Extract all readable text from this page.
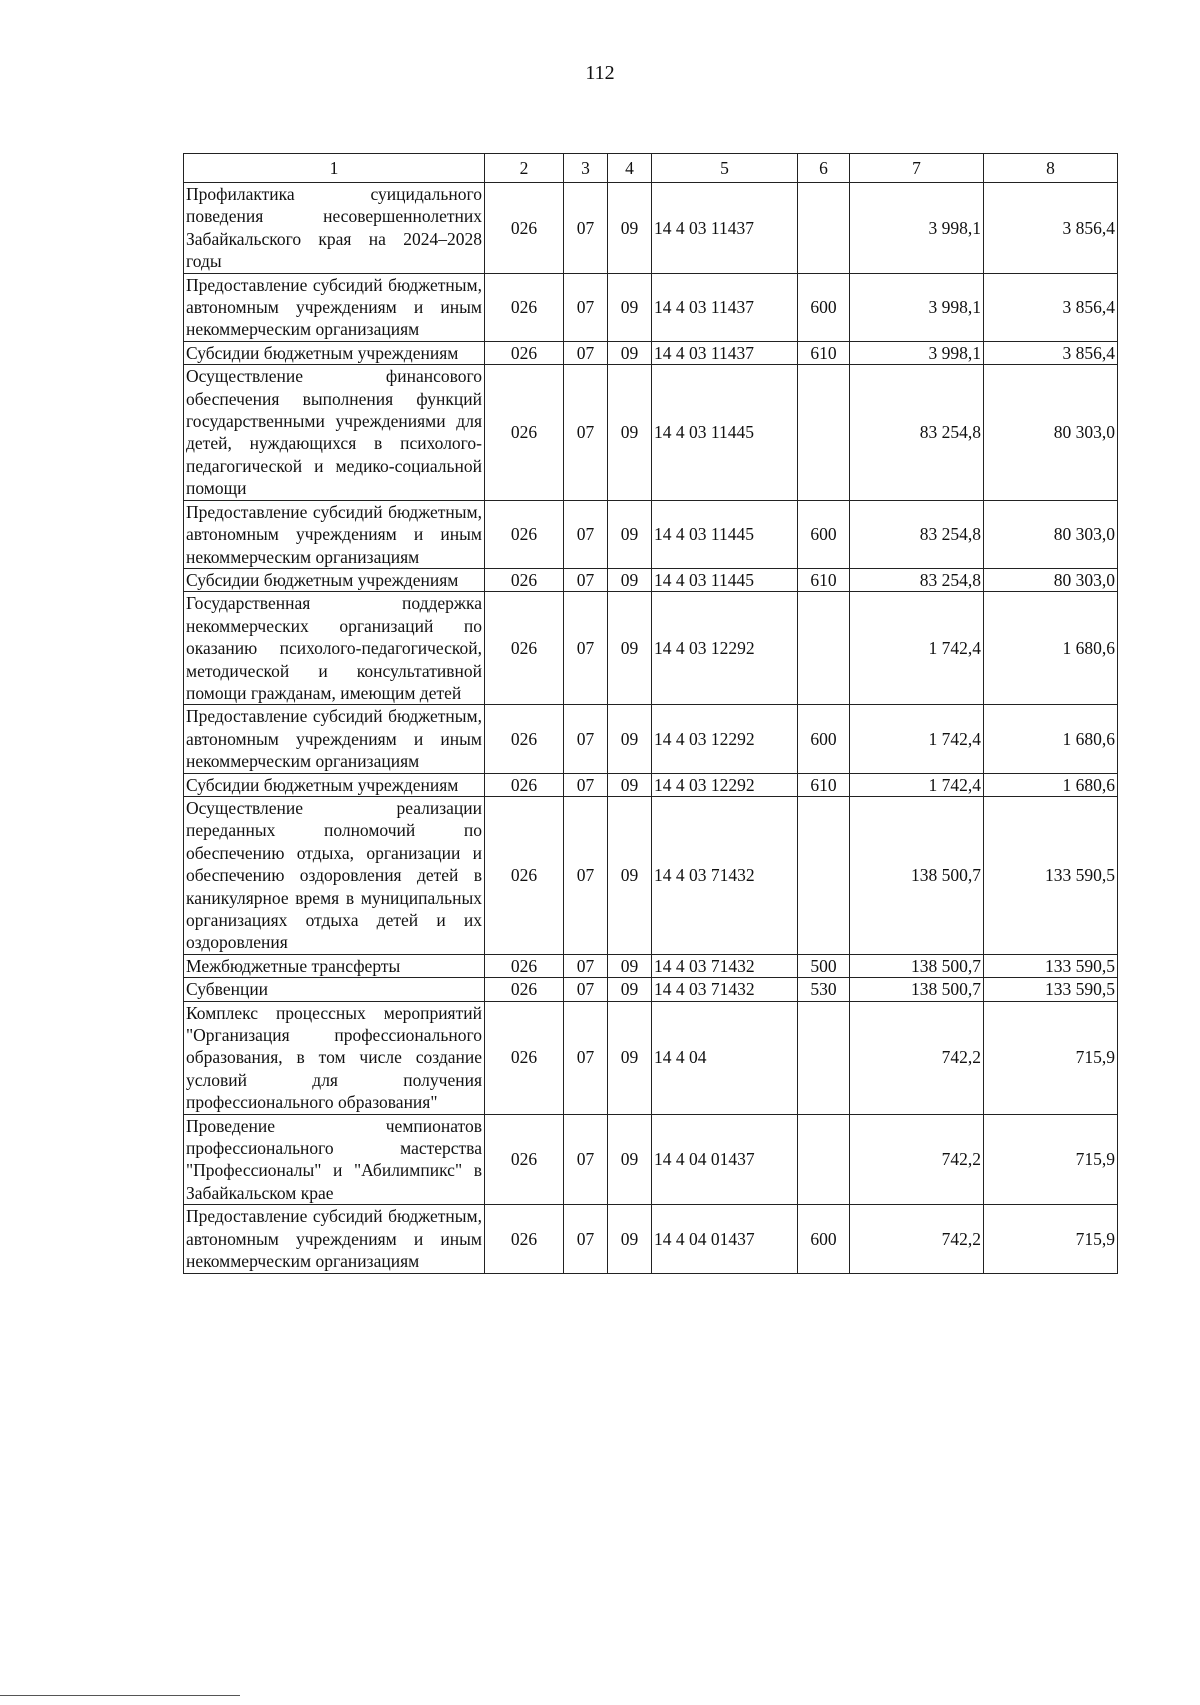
112
1	2	3	4	5	6	7	8
Профилактика суицидального поведения несовершеннолетних Забайкальского края на 2024–2028 годы	026	07	09	14 4 03 11437		3 998,1	3 856,4
Предоставление субсидий бюджетным, автономным учреждениям и иным некоммерческим организациям	026	07	09	14 4 03 11437	600	3 998,1	3 856,4
Субсидии бюджетным учреждениям	026	07	09	14 4 03 11437	610	3 998,1	3 856,4
Осуществление финансового обеспечения выполнения функций государственными учреждениями для детей, нуждающихся в психолого-педагогической и медико-социальной помощи	026	07	09	14 4 03 11445		83 254,8	80 303,0
Предоставление субсидий бюджетным, автономным учреждениям и иным некоммерческим организациям	026	07	09	14 4 03 11445	600	83 254,8	80 303,0
Субсидии бюджетным учреждениям	026	07	09	14 4 03 11445	610	83 254,8	80 303,0
Государственная поддержка некоммерческих организаций по оказанию психолого-педагогической, методической и консультативной помощи гражданам, имеющим детей	026	07	09	14 4 03 12292		1 742,4	1 680,6
Предоставление субсидий бюджетным, автономным учреждениям и иным некоммерческим организациям	026	07	09	14 4 03 12292	600	1 742,4	1 680,6
Субсидии бюджетным учреждениям	026	07	09	14 4 03 12292	610	1 742,4	1 680,6
Осуществление реализации переданных полномочий по обеспечению отдыха, организации и обеспечению оздоровления детей в каникулярное время в муниципальных организациях отдыха детей и их оздоровления	026	07	09	14 4 03 71432		138 500,7	133 590,5
Межбюджетные трансферты	026	07	09	14 4 03 71432	500	138 500,7	133 590,5
Субвенции	026	07	09	14 4 03 71432	530	138 500,7	133 590,5
Комплекс процессных мероприятий "Организация профессионального образования, в том числе создание условий для получения профессионального образования"	026	07	09	14 4 04		742,2	715,9
Проведение чемпионатов профессионального мастерства "Профессионалы" и "Абилимпикс" в Забайкальском крае	026	07	09	14 4 04 01437		742,2	715,9
Предоставление субсидий бюджетным, автономным учреждениям и иным некоммерческим организациям	026	07	09	14 4 04 01437	600	742,2	715,9
